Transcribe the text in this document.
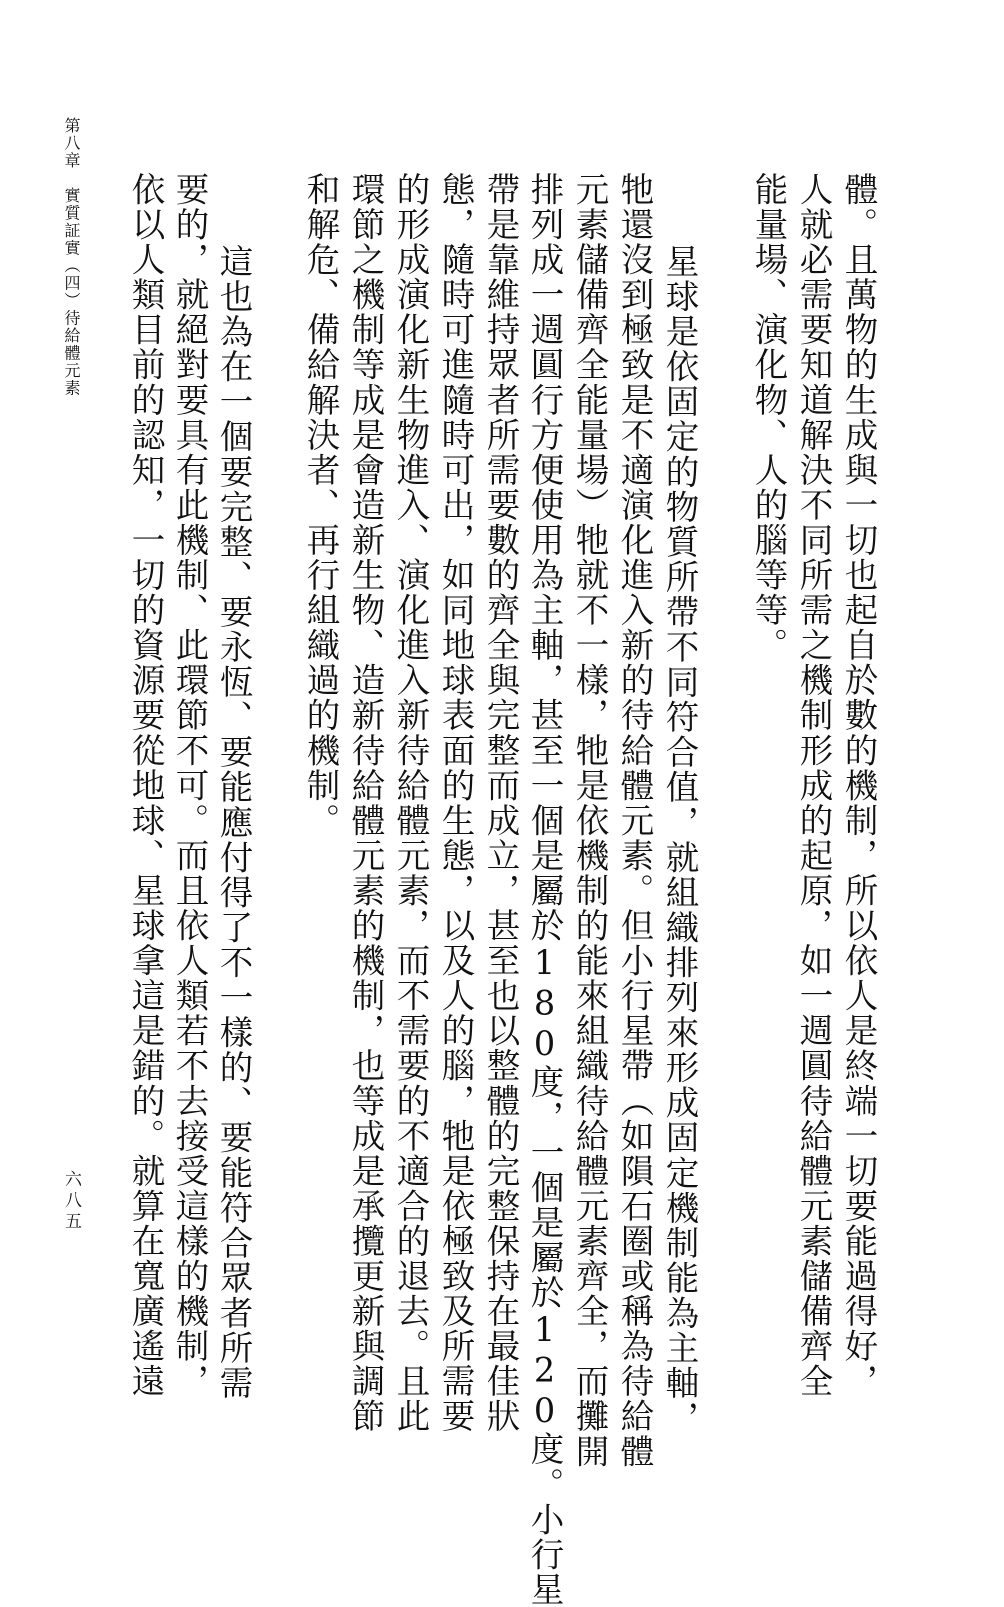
第八章　實質証實（四）待給體元素
六八五	體。且萬物的生成與一切也起自於數的機制，所以依人是終端一切要能過得好，
人就必需要知道解決不同所需之機制形成的起原，如一週圓待給體元素儲備齊全
能量場、演化物、人的腦等等。
星球是依固定的物質所帶不同符合值，就組織排列來形成固定機制能為主軸，
牠還沒到極致是不適演化進入新的待給體元素。但小行星帶（如隕石圈或稱為待給體
元素儲備齊全能量場）牠就不一樣，牠是依機制的能來組織待給體元素齊全，而攤開
排列成一週圓行方便使用為主軸，甚至一個是屬於180度，一個是屬於120度。小行星
帶是靠維持眾者所需要數的齊全與完整而成立，甚至也以整體的完整保持在最佳狀
態，隨時可進隨時可出，如同地球表面的生態，以及人的腦，牠是依極致及所需要
的形成演化新生物進入、演化進入新待給體元素，而不需要的不適合的退去。且此
環節之機制等成是會造新生物、造新待給體元素的機制，也等成是承攬更新與調節
和解危、備給解決者、再行組織過的機制。
這也為在一個要完整、要永恆、要能應付得了不一樣的、要能符合眾者所需
要的，就絕對要具有此機制、此環節不可。而且依人類若不去接受這樣的機制，
依以人類目前的認知，一切的資源要從地球、星球拿這是錯的。就算在寬廣遙遠
